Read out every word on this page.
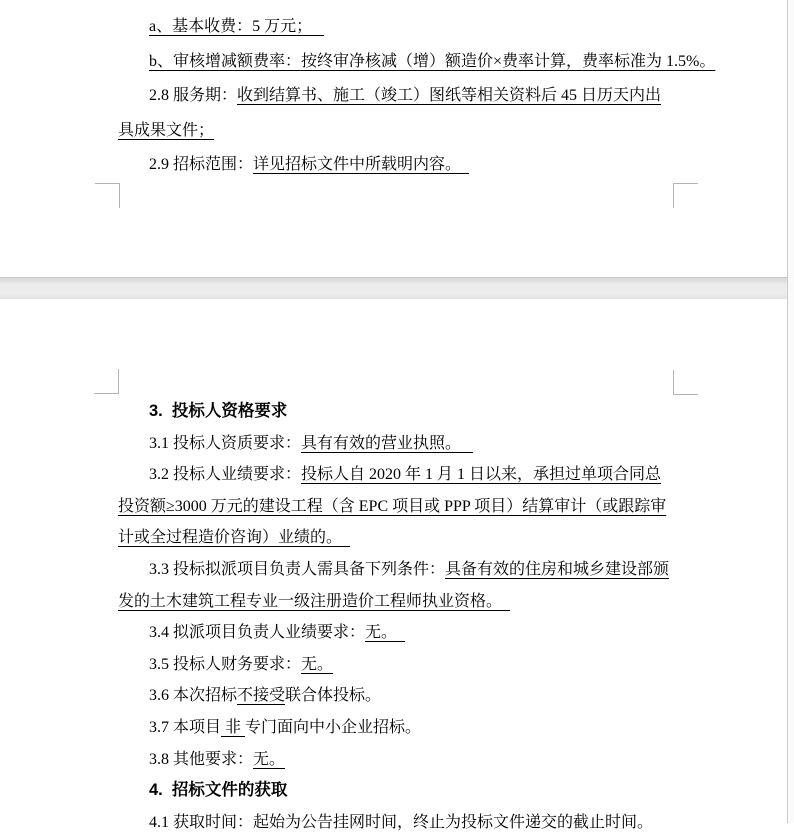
a、基本收费：5 万元；　
b、审核增减额费率：按终审净核减（增）额造价×费率计算，费率标准为 1.5%。
2.8 服务期：收到结算书、施工（竣工）图纸等相关资料后 45 日历天内出
具成果文件；
2.9 招标范围：详见招标文件中所载明内容。　
3.  投标人资格要求
3.1 投标人资质要求：具有有效的营业执照。　
3.2 投标人业绩要求：投标人自 2020 年 1 月 1 日以来，承担过单项合同总
投资额≥3000 万元的建设工程（含 EPC 项目或 PPP 项目）结算审计（或跟踪审
计或全过程造价咨询）业绩的。　
3.3 投标拟派项目负责人需具备下列条件：具备有效的住房和城乡建设部颁
发的土木建筑工程专业一级注册造价工程师执业资格。　
3.4 拟派项目负责人业绩要求：无。　
3.5 投标人财务要求：无。
3.6 本次招标不接受联合体投标。
3.7 本项目 非 专门面向中小企业招标。
3.8 其他要求：无。
4.  招标文件的获取
4.1 获取时间：起始为公告挂网时间，终止为投标文件递交的截止时间。
